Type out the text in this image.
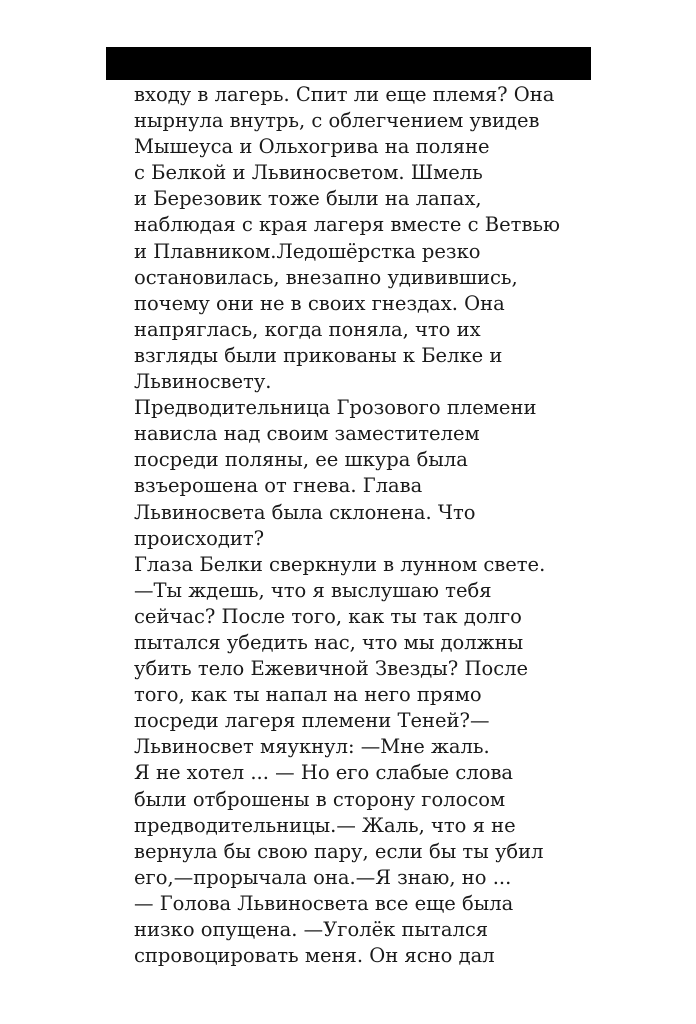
входу в лагерь. Спит ли еще племя? Она
нырнула внутрь, с облегчением увидев
Мышеуса и Ольхогрива на поляне
с Белкой и Львиносветом. Шмель
и Березовик тоже были на лапах,
наблюдая с края лагеря вместе с Ветвью
и Плавником.Ледошёрстка резко
остановилась, внезапно удивившись,
почему они не в своих гнездах. Она
напряглась, когда поняла, что их
взгляды были прикованы к Белке и
Львиносвету.
Предводительница Грозового племени
нависла над своим заместителем
посреди поляны, ее шкура была
взъерошена от гнева. Глава
Львиносвета была склонена. Что
происходит?
Глаза Белки сверкнули в лунном свете.
—Ты ждешь, что я выслушаю тебя
сейчас? После того, как ты так долго
пытался убедить нас, что мы должны
убить тело Ежевичной Звезды? После
того, как ты напал на него прямо
посреди лагеря племени Теней?—
Львиносвет мяукнул: —Мне жаль.
Я не хотел ... — Но его слабые слова
были отброшены в сторону голосом
предводительницы.— Жаль, что я не
вернула бы свою пару, если бы ты убил
его,—прорычала она.—Я знаю, но ...
— Голова Львиносвета все еще была
низко опущена. —Уголёк пытался
спровоцировать меня. Он ясно дал
